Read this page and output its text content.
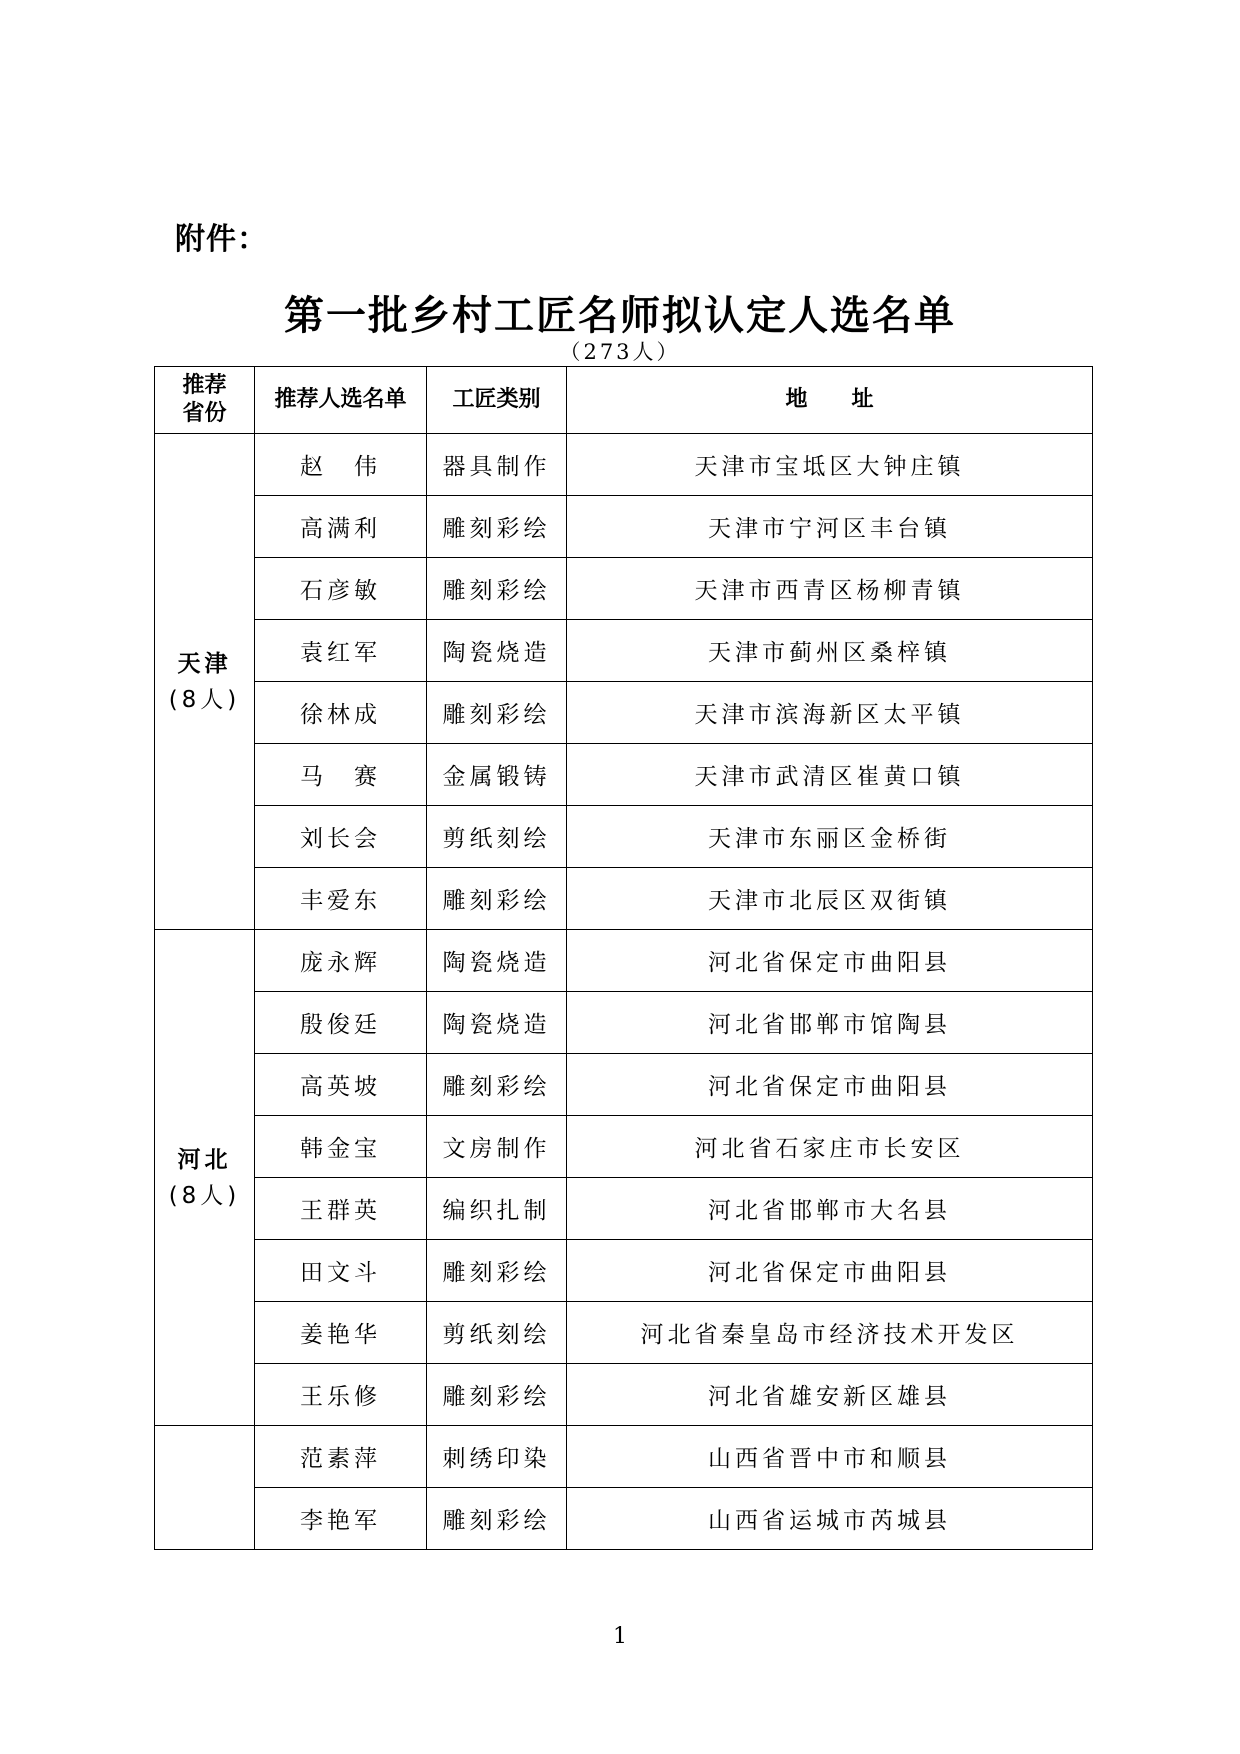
附件：
第一批乡村工匠名师拟认定人选名单
（273人）
推荐
省份	推荐人选名单	工匠类别	地　　址

天津
(8人)	赵　伟	器具制作	天津市宝坻区大钟庄镇
	高满利	雕刻彩绘	天津市宁河区丰台镇
	石彦敏	雕刻彩绘	天津市西青区杨柳青镇
	袁红军	陶瓷烧造	天津市蓟州区桑梓镇
	徐林成	雕刻彩绘	天津市滨海新区太平镇
	马　赛	金属锻铸	天津市武清区崔黄口镇
	刘长会	剪纸刻绘	天津市东丽区金桥街
	丰爱东	雕刻彩绘	天津市北辰区双街镇

河北
(8人)	庞永辉	陶瓷烧造	河北省保定市曲阳县
	殷俊廷	陶瓷烧造	河北省邯郸市馆陶县
	高英坡	雕刻彩绘	河北省保定市曲阳县
	韩金宝	文房制作	河北省石家庄市长安区
	王群英	编织扎制	河北省邯郸市大名县
	田文斗	雕刻彩绘	河北省保定市曲阳县
	姜艳华	剪纸刻绘	河北省秦皇岛市经济技术开发区
	王乐修	雕刻彩绘	河北省雄安新区雄县
	范素萍	刺绣印染	山西省晋中市和顺县
	李艳军	雕刻彩绘	山西省运城市芮城县
1
